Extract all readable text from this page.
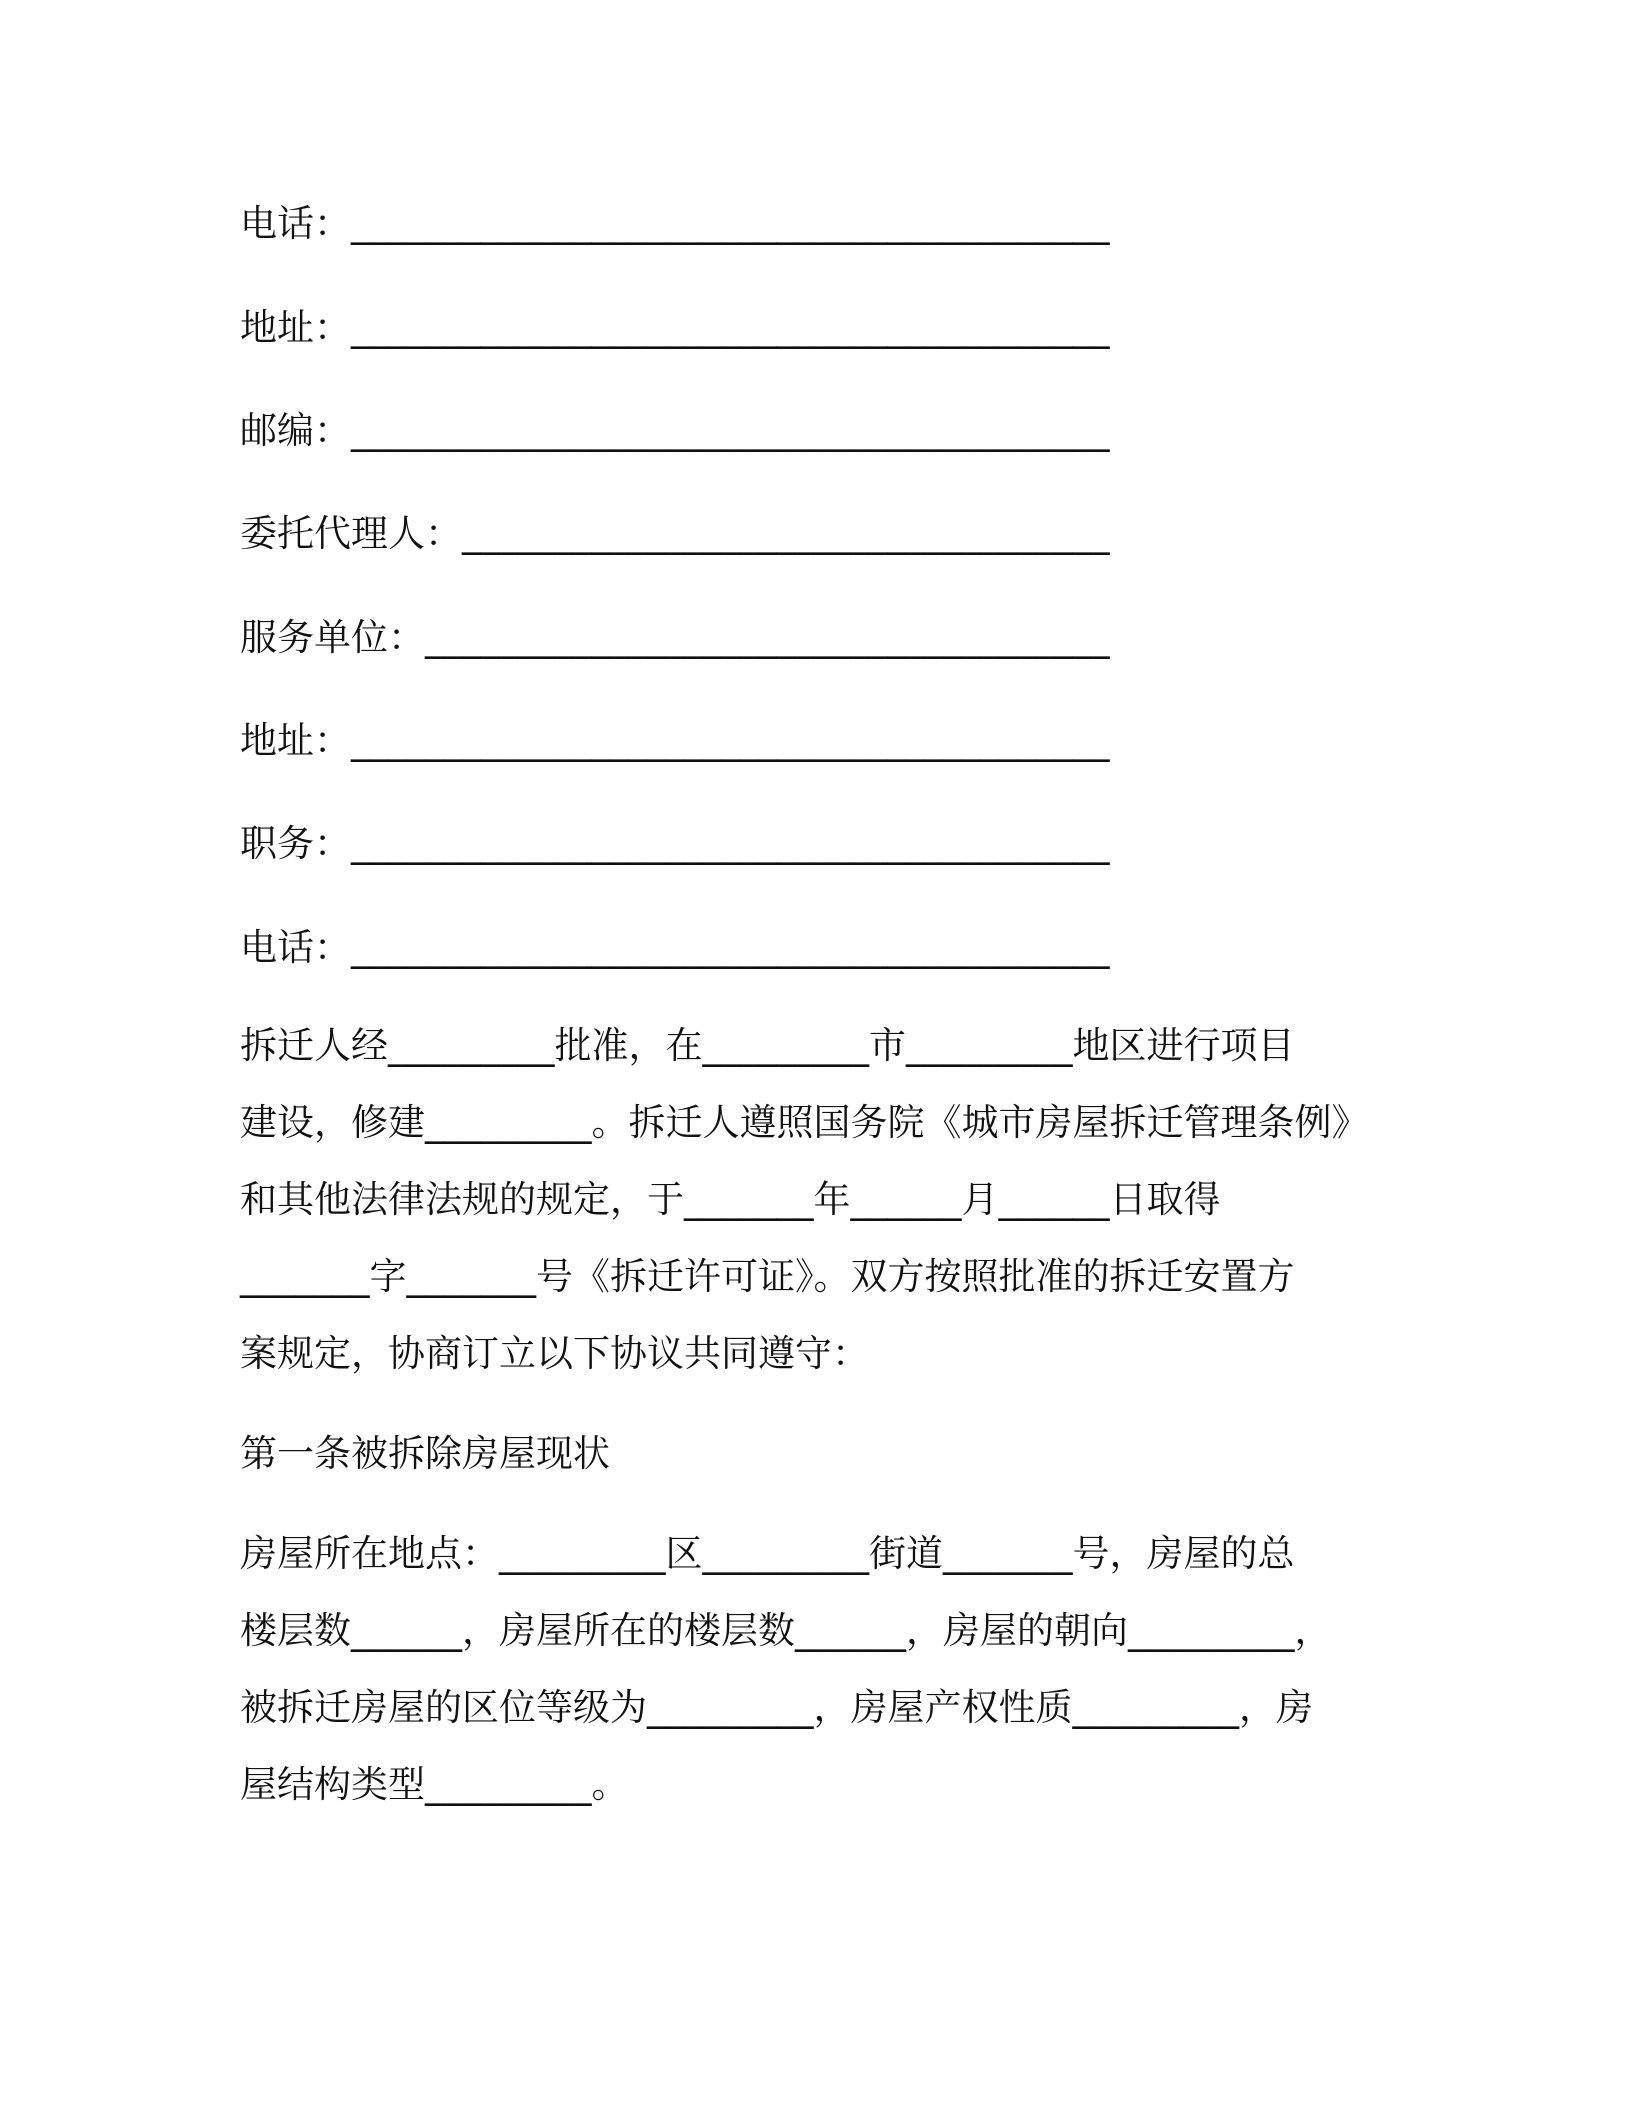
电话：_________________________________________
地址：_________________________________________
邮编：_________________________________________
委托代理人：___________________________________
服务单位：_____________________________________
地址：_________________________________________
职务：_________________________________________
电话：_________________________________________
拆迁人经_________批准，在_________市_________地区进行项目
建设，修建_________。拆迁人遵照国务院《城市房屋拆迁管理条例》
和其他法律法规的规定，于_______年______月______日取得
_______字_______号《拆迁许可证》。双方按照批准的拆迁安置方
案规定，协商订立以下协议共同遵守：
第一条被拆除房屋现状
房屋所在地点：_________区_________街道_______号，房屋的总
楼层数______，房屋所在的楼层数______，房屋的朝向_________，
被拆迁房屋的区位等级为_________，房屋产权性质_________，房
屋结构类型_________。
